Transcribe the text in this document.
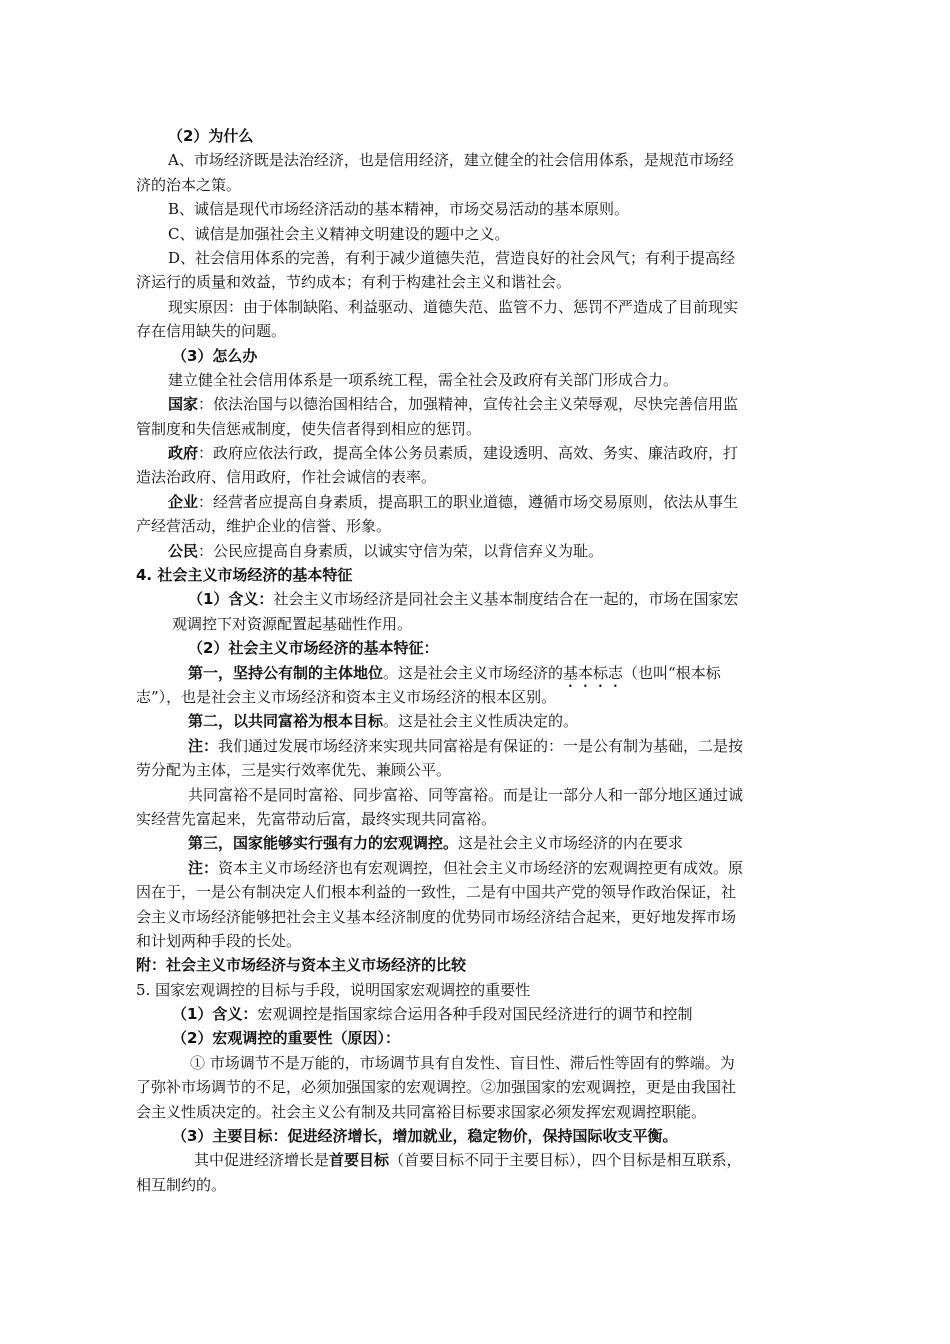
（2）为什么
A、市场经济既是法治经济，也是信用经济，建立健全的社会信用体系，是规范市场经
济的治本之策。
B、诚信是现代市场经济活动的基本精神，市场交易活动的基本原则。
C、诚信是加强社会主义精神文明建设的题中之义。
D、社会信用体系的完善，有利于减少道德失范，营造良好的社会风气；有利于提高经
济运行的质量和效益，节约成本；有利于构建社会主义和谐社会。
现实原因：由于体制缺陷、利益驱动、道德失范、监管不力、惩罚不严造成了目前现实
存在信用缺失的问题。
（3）怎么办
建立健全社会信用体系是一项系统工程，需全社会及政府有关部门形成合力。
国家：依法治国与以德治国相结合，加强精神，宣传社会主义荣辱观，尽快完善信用监
管制度和失信惩戒制度，使失信者得到相应的惩罚。
政府：政府应依法行政，提高全体公务员素质，建设透明、高效、务实、廉洁政府，打
造法治政府、信用政府，作社会诚信的表率。
企业：经营者应提高自身素质，提高职工的职业道德，遵循市场交易原则，依法从事生
产经营活动，维护企业的信誉、形象。
公民：公民应提高自身素质，以诚实守信为荣，以背信弃义为耻。
4. 社会主义市场经济的基本特征
（1）含义：社会主义市场经济是同社会主义基本制度结合在一起的，市场在国家宏
观调控下对资源配置起基础性作用。
（2）社会主义市场经济的基本特征：
第一，坚持公有制的主体地位。这是社会主义市场经济的基本标志（也叫“根本标
志”），也是社会主义市场经济和资本主义市场经济的根本区别。
第二，以共同富裕为根本目标。这是社会主义性质决定的。
注：我们通过发展市场经济来实现共同富裕是有保证的：一是公有制为基础，二是按
劳分配为主体，三是实行效率优先、兼顾公平。
共同富裕不是同时富裕、同步富裕、同等富裕。而是让一部分人和一部分地区通过诚
实经营先富起来，先富带动后富，最终实现共同富裕。
第三，国家能够实行强有力的宏观调控。这是社会主义市场经济的内在要求
注：资本主义市场经济也有宏观调控，但社会主义市场经济的宏观调控更有成效。原
因在于，一是公有制决定人们根本利益的一致性，二是有中国共产党的领导作政治保证，社
会主义市场经济能够把社会主义基本经济制度的优势同市场经济结合起来，更好地发挥市场
和计划两种手段的长处。
附：社会主义市场经济与资本主义市场经济的比较
5. 国家宏观调控的目标与手段，说明国家宏观调控的重要性
（1）含义：宏观调控是指国家综合运用各种手段对国民经济进行的调节和控制
（2）宏观调控的重要性（原因）：
① 市场调节不是万能的，市场调节具有自发性、盲目性、滞后性等固有的弊端。为
了弥补市场调节的不足，必须加强国家的宏观调控。②加强国家的宏观调控，更是由我国社
会主义性质决定的。社会主义公有制及共同富裕目标要求国家必须发挥宏观调控职能。
（3）主要目标：促进经济增长，增加就业，稳定物价，保持国际收支平衡。
其中促进经济增长是首要目标（首要目标不同于主要目标），四个目标是相互联系，
相互制约的。
